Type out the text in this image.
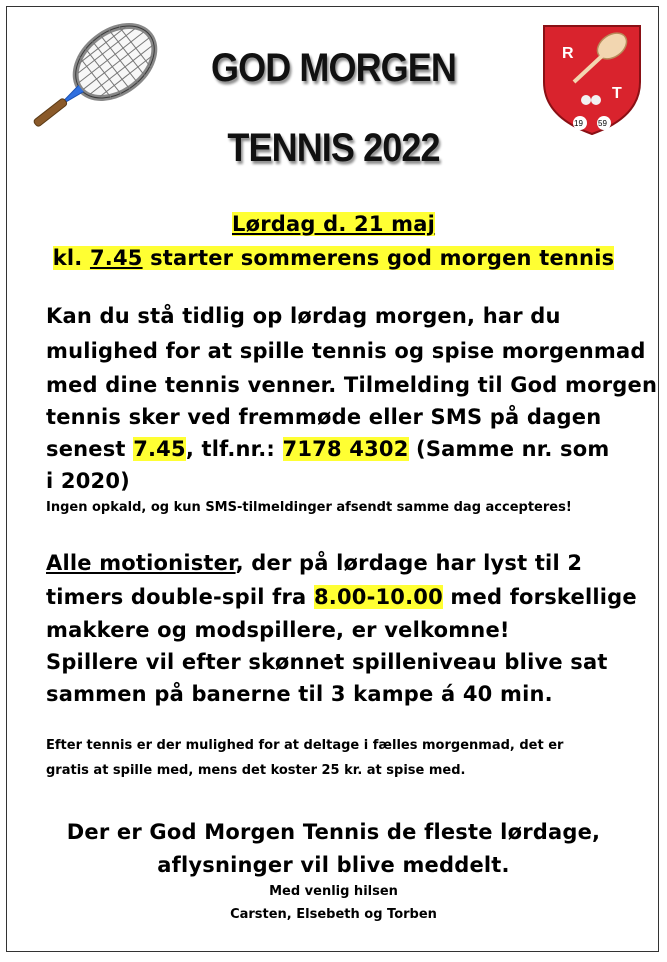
R
T
19 59
GOD MORGEN
TENNIS 2022
Lørdag d. 21 maj
kl. 7.45 starter sommerens god morgen tennis
Kan du stå tidlig op lørdag morgen, har du
mulighed for at spille tennis og spise morgenmad
med dine tennis venner. Tilmelding til God morgen
tennis sker ved fremmøde eller SMS på dagen
senest 7.45, tlf.nr.: 7178 4302 (Samme nr. som
i 2020)
Ingen opkald, og kun SMS-tilmeldinger afsendt samme dag accepteres!
Alle motionister, der på lørdage har lyst til 2
timers double-spil fra 8.00-10.00 med forskellige
makkere og modspillere, er velkomne!
Spillere vil efter skønnet spilleniveau blive sat
sammen på banerne til 3 kampe á 40 min.
Efter tennis er der mulighed for at deltage i fælles morgenmad, det er
gratis at spille med, mens det koster 25 kr. at spise med.
Der er God Morgen Tennis de fleste lørdage,
aflysninger vil blive meddelt.
Med venlig hilsen
Carsten, Elsebeth og Torben
